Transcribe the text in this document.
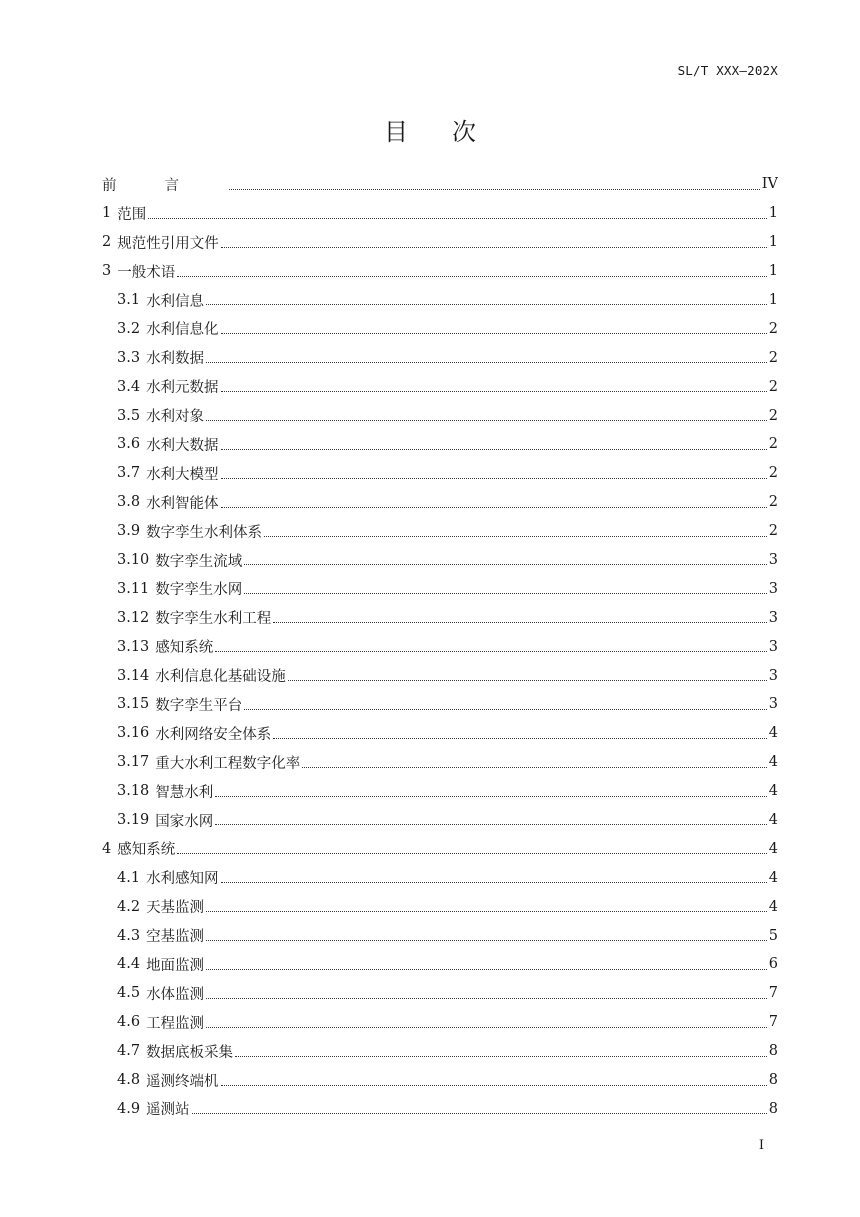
SL/T XXX—202X
目次
前言	IV
1 范围	1
2 规范性引用文件	1
3 一般术语	1
3.1 水利信息	1
3.2 水利信息化	2
3.3 水利数据	2
3.4 水利元数据	2
3.5 水利对象	2
3.6 水利大数据	2
3.7 水利大模型	2
3.8 水利智能体	2
3.9 数字孪生水利体系	2
3.10 数字孪生流域	3
3.11 数字孪生水网	3
3.12 数字孪生水利工程	3
3.13 感知系统	3
3.14 水利信息化基础设施	3
3.15 数字孪生平台	3
3.16 水利网络安全体系	4
3.17 重大水利工程数字化率	4
3.18 智慧水利	4
3.19 国家水网	4
4 感知系统	4
4.1 水利感知网	4
4.2 天基监测	4
4.3 空基监测	5
4.4 地面监测	6
4.5 水体监测	7
4.6 工程监测	7
4.7 数据底板采集	8
4.8 遥测终端机	8
4.9 遥测站	8
I
